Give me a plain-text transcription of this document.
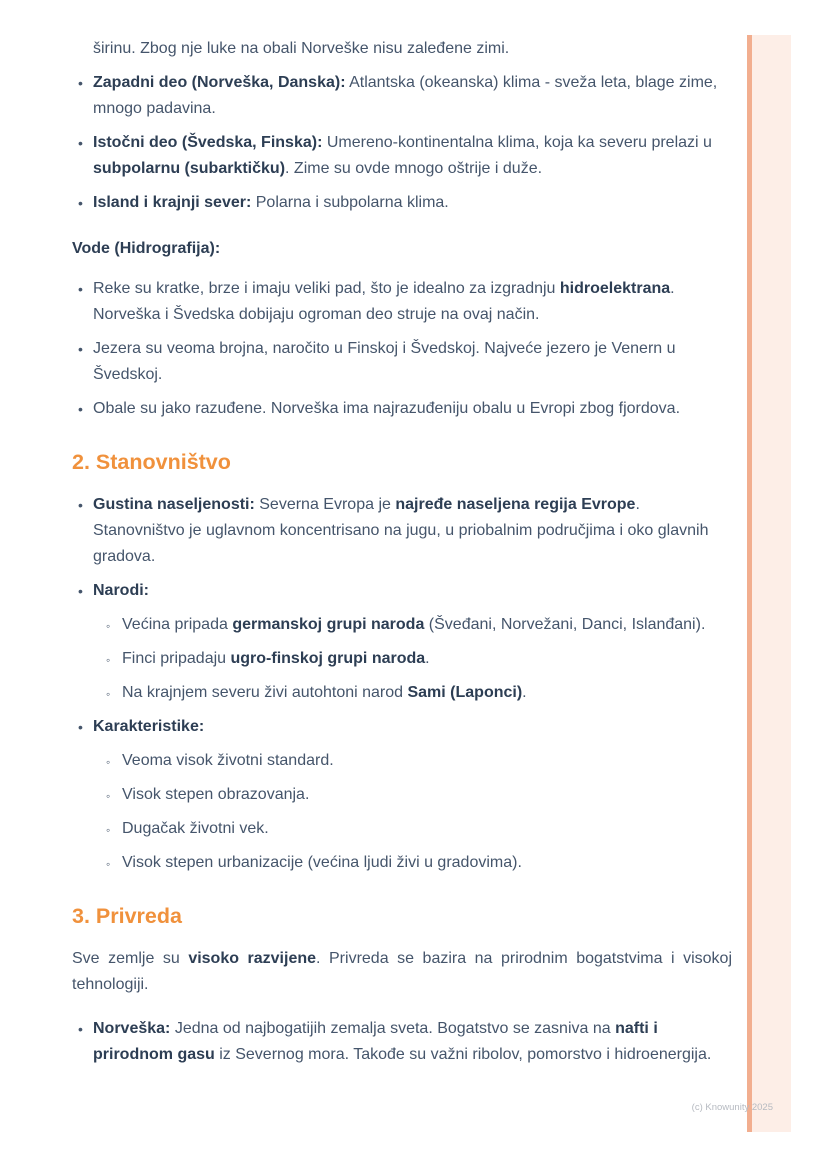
širinu. Zbog nje luke na obali Norveške nisu zaleđene zimi.

• Zapadni deo (Norveška, Danska): Atlantska (okeanska) klima - sveža leta, blage zime, mnogo padavina.
• Istočni deo (Švedska, Finska): Umereno-kontinentalna klima, koja ka severu prelazi u subpolarnu (subarktičku). Zime su ovde mnogo oštrije i duže.
• Island i krajnji sever: Polarna i subpolarna klima.

Vode (Hidrografija):

• Reke su kratke, brze i imaju veliki pad, što je idealno za izgradnju hidroelektrana. Norveška i Švedska dobijaju ogroman deo struje na ovaj način.
• Jezera su veoma brojna, naročito u Finskoj i Švedskoj. Najveće jezero je Venern u Švedskoj.
• Obale su jako razuđene. Norveška ima najrazuđeniju obalu u Evropi zbog fjordova.
2. Stanovništvo
• Gustina naseljenosti: Severna Evropa je najređe naseljena regija Evrope. Stanovništvo je uglavnom koncentrisano na jugu, u priobalnim područjima i oko glavnih gradova.
• Narodi:
◦ Većina pripada germanskoj grupi naroda (Šveđani, Norvežani, Danci, Islanđani).
◦ Finci pripadaju ugro-finskoj grupi naroda.
◦ Na krajnjem severu živi autohtoni narod Sami (Laponci).
• Karakteristike:
◦ Veoma visok životni standard.
◦ Visok stepen obrazovanja.
◦ Dugačak životni vek.
◦ Visok stepen urbanizacije (većina ljudi živi u gradovima).
3. Privreda

Sve zemlje su visoko razvijene. Privreda se bazira na prirodnim bogatstvima i visokoj tehnologiji.

• Norveška: Jedna od najbogatijih zemalja sveta. Bogatstvo se zasniva na nafti i prirodnom gasu iz Severnog mora. Takođe su važni ribolov, pomorstvo i hidroenergija.
(c) Knowunity 2025
